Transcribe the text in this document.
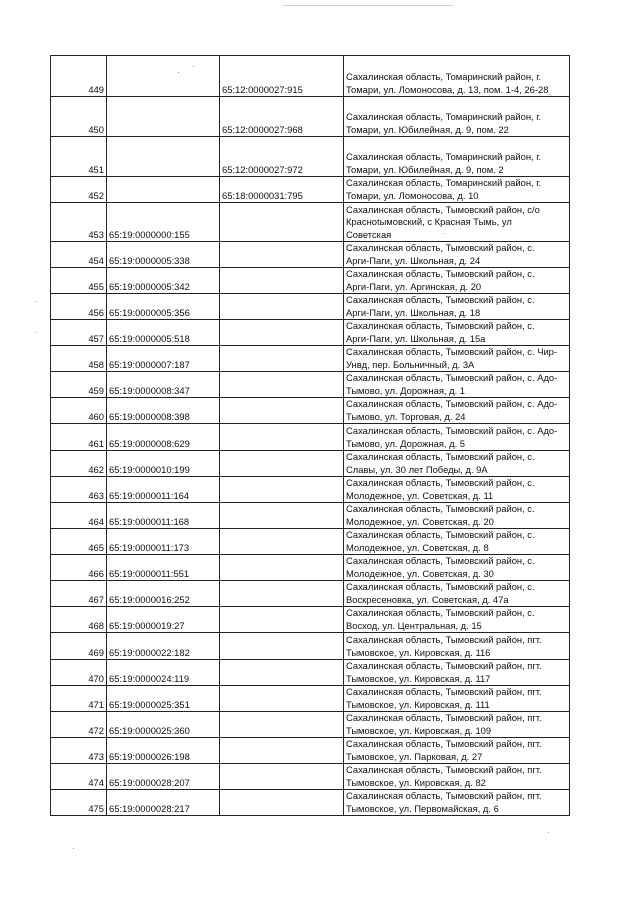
449		65:12:0000027:915	Сахалинская область, Томаринский район, г.
Томари, ул. Ломоносова, д. 13, пом. 1-4, 26-28

450		65:12:0000027:968	Сахалинская область, Томаринский район, г.
Томари, ул. Юбилейная, д. 9, пом. 22

451		65:12:0000027:972	Сахалинская область, Томаринский район, г.
Томари, ул. Юбилейная, д. 9, пом. 2

452		65:18:0000031:795	Сахалинская область, Томаринский район, г.
Томари, ул. Ломоносова, д. 10

453	65:19:0000000:155		Сахалинская область, Тымовский район, с/о
Красноtымовский, с Красная Тымь, ул
Советская

454	65:19:0000005:338		Сахалинская область, Тымовский район, с.
Арги-Паги, ул. Школьная, д. 24

455	65:19:0000005:342		Сахалинская область, Тымовский район, с.
Арги-Паги, ул. Аргинская, д. 20

456	65:19:0000005:356		Сахалинская область, Тымовский район, с.
Арги-Паги, ул. Школьная, д. 18

457	65:19:0000005:518		Сахалинская область, Тымовский район, с.
Арги-Паги, ул. Школьная, д. 15а

458	65:19:0000007:187		Сахалинская область, Тымовский район, с. Чир-
Унвд, пер. Больничный, д. 3А

459	65:19:0000008:347		Сахалинская область, Тымовский район, с. Адо-
Тымово, ул. Дорожная, д. 1

460	65:19:0000008:398		Сахалинская область, Тымовский район, с. Адо-
Тымово, ул. Торговая, д. 24

461	65:19:0000008:629		Сахалинская область, Тымовский район, с. Адо-
Тымово, ул. Дорожная, д. 5

462	65:19:0000010:199		Сахалинская область, Тымовский район, с.
Славы, ул. 30 лет Победы, д. 9А

463	65:19:0000011:164		Сахалинская область, Тымовский район, с.
Молодежное, ул. Советская, д. 11

464	65:19:0000011:168		Сахалинская область, Тымовский район, с.
Молодежное, ул. Советская, д. 20

465	65:19:0000011:173		Сахалинская область, Тымовский район, с.
Молодежное, ул. Советская, д. 8

466	65:19:0000011:551		Сахалинская область, Тымовский район, с.
Молодежное, ул. Советская, д. 30

467	65:19:0000016:252		Сахалинская область, Тымовский район, с.
Воскресеновка, ул. Советская, д. 47а

468	65:19:0000019:27		Сахалинская область, Тымовский район, с.
Восход, ул. Центральная, д. 15

469	65:19:0000022:182		Сахалинская область, Тымовский район, пгт.
Тымовское, ул. Кировская, д. 116

470	65:19:0000024:119		Сахалинская область, Тымовский район, пгт.
Тымовское, ул. Кировская, д. 117

471	65:19:0000025:351		Сахалинская область, Тымовский район, пгт.
Тымовское, ул. Кировская, д. 111

472	65:19:0000025:360		Сахалинская область, Тымовский район, пгт.
Тымовское, ул. Кировская, д. 109

473	65:19:0000026:198		Сахалинская область, Тымовский район, пгт.
Тымовское, ул. Парковая, д. 27

474	65:19:0000028:207		Сахалинская область, Тымовский район, пгт.
Тымовское, ул. Кировская, д. 82

475	65:19:0000028:217		Сахалинская область, Тымовский район, пгт.
Тымовское, ул. Первомайская, д. 6
